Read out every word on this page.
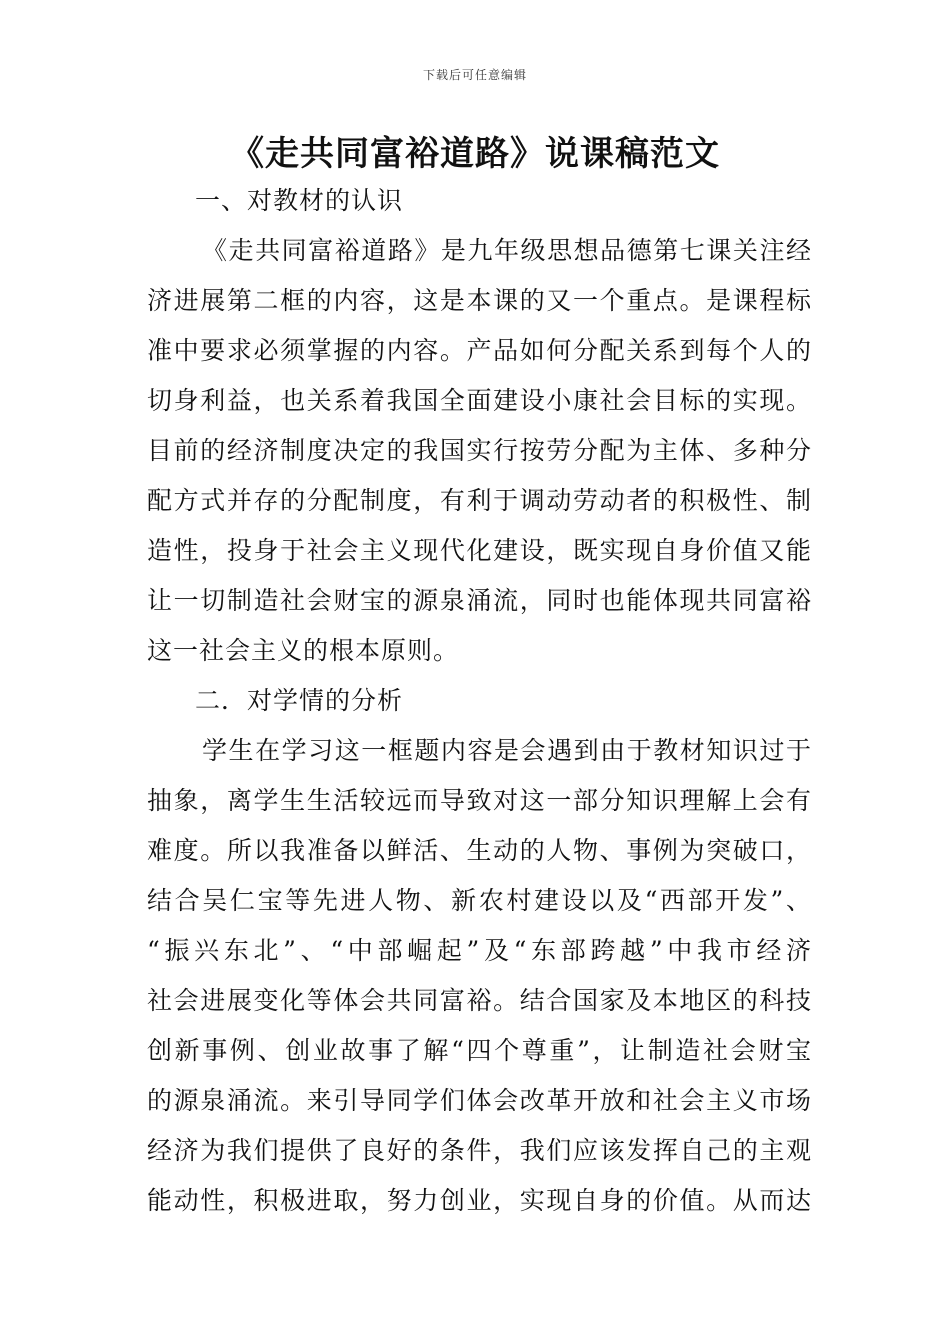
下载后可任意编辑
《走共同富裕道路》说课稿范文
一、对教材的认识
《走共同富裕道路》是九年级思想品德第七课关注经
济进展第二框的内容，这是本课的又一个重点。是课程标
准中要求必须掌握的内容。产品如何分配关系到每个人的
切身利益，也关系着我国全面建设小康社会目标的实现。
目前的经济制度决定的我国实行按劳分配为主体、多种分
配方式并存的分配制度，有利于调动劳动者的积极性、制
造性，投身于社会主义现代化建设，既实现自身价值又能
让一切制造社会财宝的源泉涌流，同时也能体现共同富裕
这一社会主义的根本原则。
二．对学情的分析
学生在学习这一框题内容是会遇到由于教材知识过于
抽象，离学生生活较远而导致对这一部分知识理解上会有
难度。所以我准备以鲜活、生动的人物、事例为突破口，
结合吴仁宝等先进人物、新农村建设以及“西部开发”、
“振兴东北”、“中部崛起”及“东部跨越”中我市经济
社会进展变化等体会共同富裕。结合国家及本地区的科技
创新事例、创业故事了解“四个尊重”，让制造社会财宝
的源泉涌流。来引导同学们体会改革开放和社会主义市场
经济为我们提供了良好的条件，我们应该发挥自己的主观
能动性，积极进取，努力创业，实现自身的价值。从而达
